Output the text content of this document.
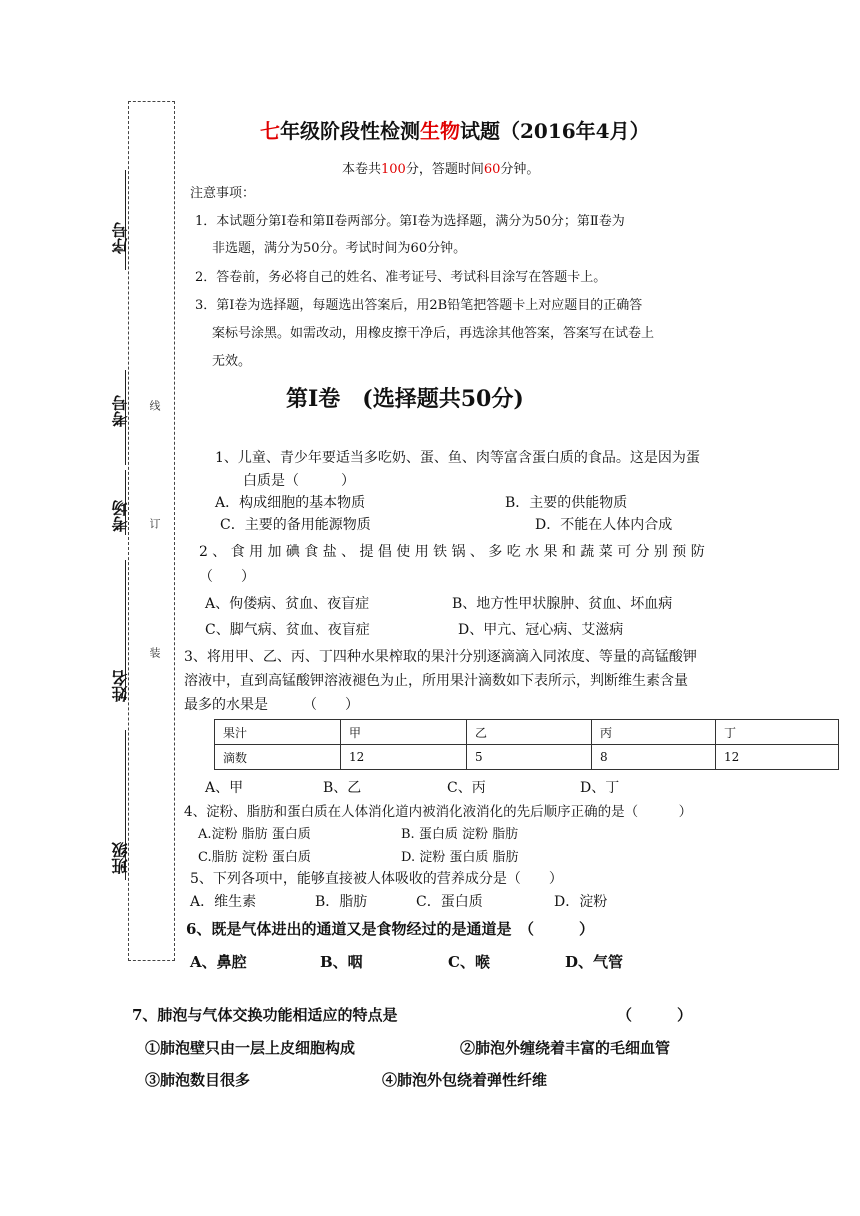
序号
考号
考场
姓名
班级
线
订
装
七年级阶段性检测生物试题（2016年4月）
本卷共100分，答题时间60分钟。
注意事项：
1．本试题分第Ⅰ卷和第Ⅱ卷两部分。第Ⅰ卷为选择题，满分为50分；第Ⅱ卷为
非选题，满分为50分。考试时间为60分钟。
2．答卷前，务必将自己的姓名、准考证号、考试科目涂写在答题卡上。
3．第Ⅰ卷为选择题，每题选出答案后，用2B铅笔把答题卡上对应题目的正确答
案标号涂黑。如需改动，用橡皮擦干净后，再选涂其他答案，答案写在试卷上
无效。
第Ⅰ卷　(选择题共50分)
1、儿童、青少年要适当多吃奶、蛋、鱼、肉等富含蛋白质的食品。这是因为蛋
白质是（　　　）
A．构成细胞的基本物质	B．主要的供能物质
C．主要的备用能源物质	D．不能在人体内合成
2、食用加碘食盐、提倡使用铁锅、多吃水果和蔬菜可分别预防
（　　）
A、佝偻病、贫血、夜盲症	B、地方性甲状腺肿、贫血、坏血病
C、脚气病、贫血、夜盲症	D、甲亢、冠心病、艾滋病
3、将用甲、乙、丙、丁四种水果榨取的果汁分别逐滴滴入同浓度、等量的高锰酸钾
溶液中，直到高锰酸钾溶液褪色为止，所用果汁滴数如下表所示，判断维生素含量
最多的水果是　　　（　　）
果汁	甲	乙	丙	丁
滴数	12	5	8	12
A、甲	B、乙	C、丙	D、丁
4、淀粉、脂肪和蛋白质在人体消化道内被消化液消化的先后顺序正确的是（　　　）
A.淀粉 脂肪 蛋白质	B. 蛋白质 淀粉 脂肪
C.脂肪 淀粉 蛋白质	D. 淀粉 蛋白质 脂肪
5、下列各项中，能够直接被人体吸收的营养成分是（　　）
A．维生素	B．脂肪	C．蛋白质	D．淀粉
6、既是气体进出的通道又是食物经过的是通道是　（　　　）
A、鼻腔	B、咽	C、喉	D、气管
7、肺泡与气体交换功能相适应的特点是	（　　　）
①肺泡壁只由一层上皮细胞构成	②肺泡外缠绕着丰富的毛细血管
③肺泡数目很多	④肺泡外包绕着弹性纤维
